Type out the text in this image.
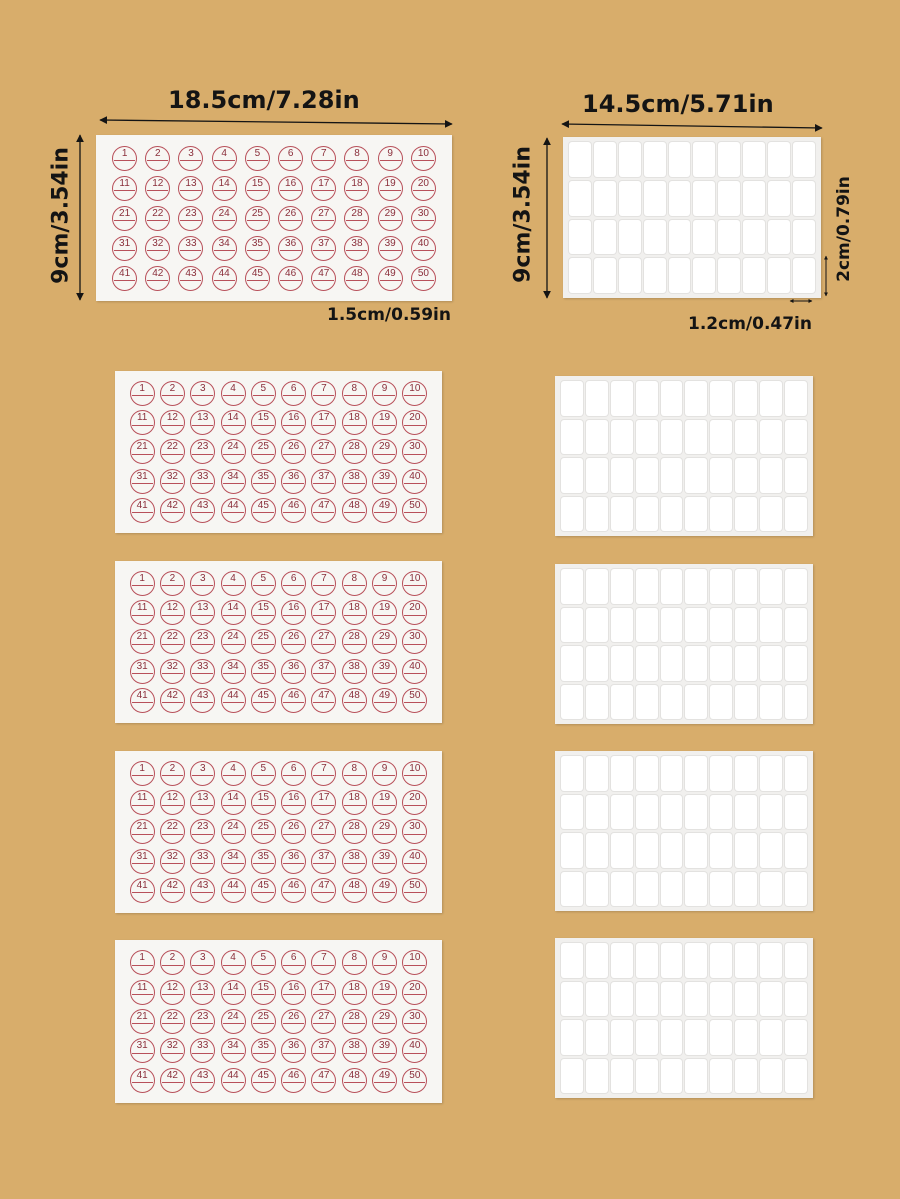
18.5cm/7.28in
9cm/3.54in
1.5cm/0.59in
14.5cm/5.71in
9cm/3.54in	2cm/0.79in
1.2cm/0.47in
1	2	3	4	5	6	7	8	9	10
11	12	13	14	15	16	17	18	19	20
21	22	23	24	25	26	27	28	29	30
31	32	33	34	35	36	37	38	39	40
41	42	43	44	45	46	47	48	49	50
1	2	3	4	5	6	7	8	9	10
11	12	13	14	15	16	17	18	19	20
21	22	23	24	25	26	27	28	29	30
31	32	33	34	35	36	37	38	39	40
41	42	43	44	45	46	47	48	49	50
1	2	3	4	5	6	7	8	9	10
11	12	13	14	15	16	17	18	19	20
21	22	23	24	25	26	27	28	29	30
31	32	33	34	35	36	37	38	39	40
41	42	43	44	45	46	47	48	49	50
1	2	3	4	5	6	7	8	9	10
11	12	13	14	15	16	17	18	19	20
21	22	23	24	25	26	27	28	29	30
31	32	33	34	35	36	37	38	39	40
41	42	43	44	45	46	47	48	49	50
1	2	3	4	5	6	7	8	9	10
11	12	13	14	15	16	17	18	19	20
21	22	23	24	25	26	27	28	29	30
31	32	33	34	35	36	37	38	39	40
41	42	43	44	45	46	47	48	49	50
